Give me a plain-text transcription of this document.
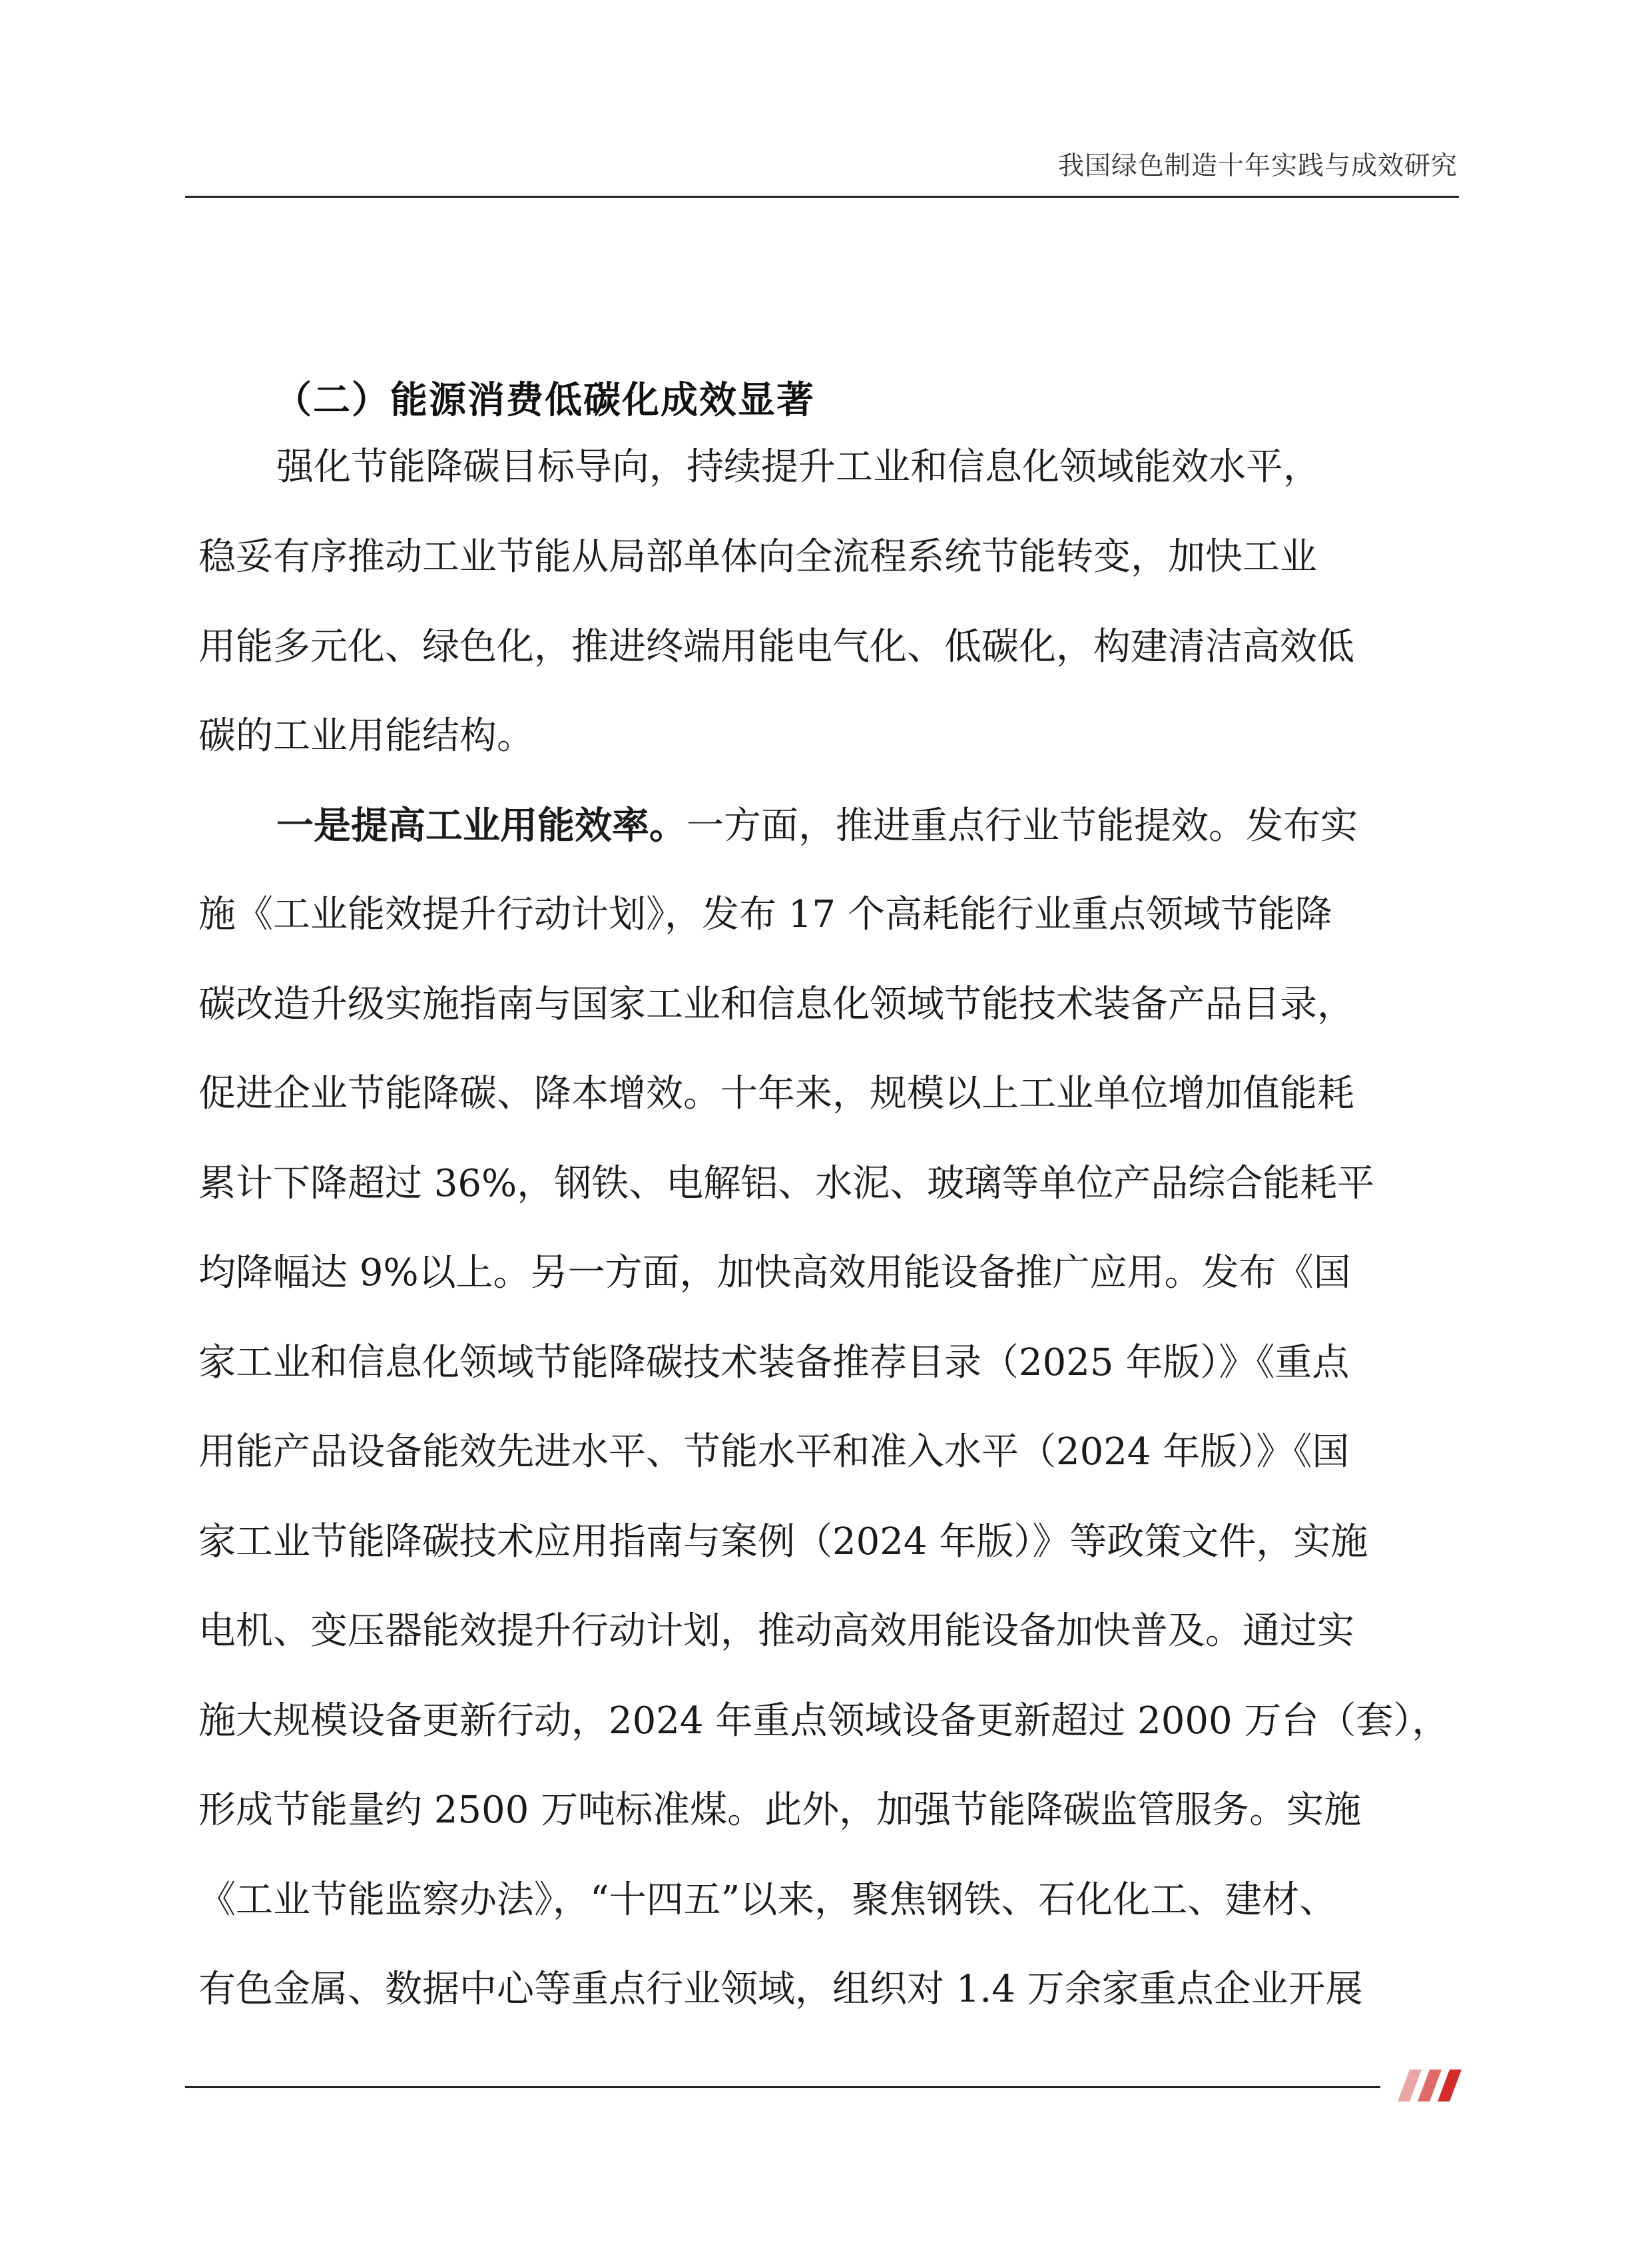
我国绿色制造十年实践与成效研究
（二）能源消费低碳化成效显著
强化节能降碳目标导向，持续提升工业和信息化领域能效水平，
稳妥有序推动工业节能从局部单体向全流程系统节能转变，加快工业
用能多元化、绿色化，推进终端用能电气化、低碳化，构建清洁高效低
碳的工业用能结构。
一是提高工业用能效率。一方面，推进重点行业节能提效。发布实
施《工业能效提升行动计划》，发布 17 个高耗能行业重点领域节能降
碳改造升级实施指南与国家工业和信息化领域节能技术装备产品目录，
促进企业节能降碳、降本增效。十年来，规模以上工业单位增加值能耗
累计下降超过 36%，钢铁、电解铝、水泥、玻璃等单位产品综合能耗平
均降幅达 9%以上。另一方面，加快高效用能设备推广应用。发布《国
家工业和信息化领域节能降碳技术装备推荐目录（2025 年版）》《重点
用能产品设备能效先进水平、节能水平和准入水平（2024 年版）》《国
家工业节能降碳技术应用指南与案例（2024 年版）》等政策文件，实施
电机、变压器能效提升行动计划，推动高效用能设备加快普及。通过实
施大规模设备更新行动，2024 年重点领域设备更新超过 2000 万台（套），
形成节能量约 2500 万吨标准煤。此外，加强节能降碳监管服务。实施
《工业节能监察办法》，“十四五”以来，聚焦钢铁、石化化工、建材、
有色金属、数据中心等重点行业领域，组织对 1.4 万余家重点企业开展
